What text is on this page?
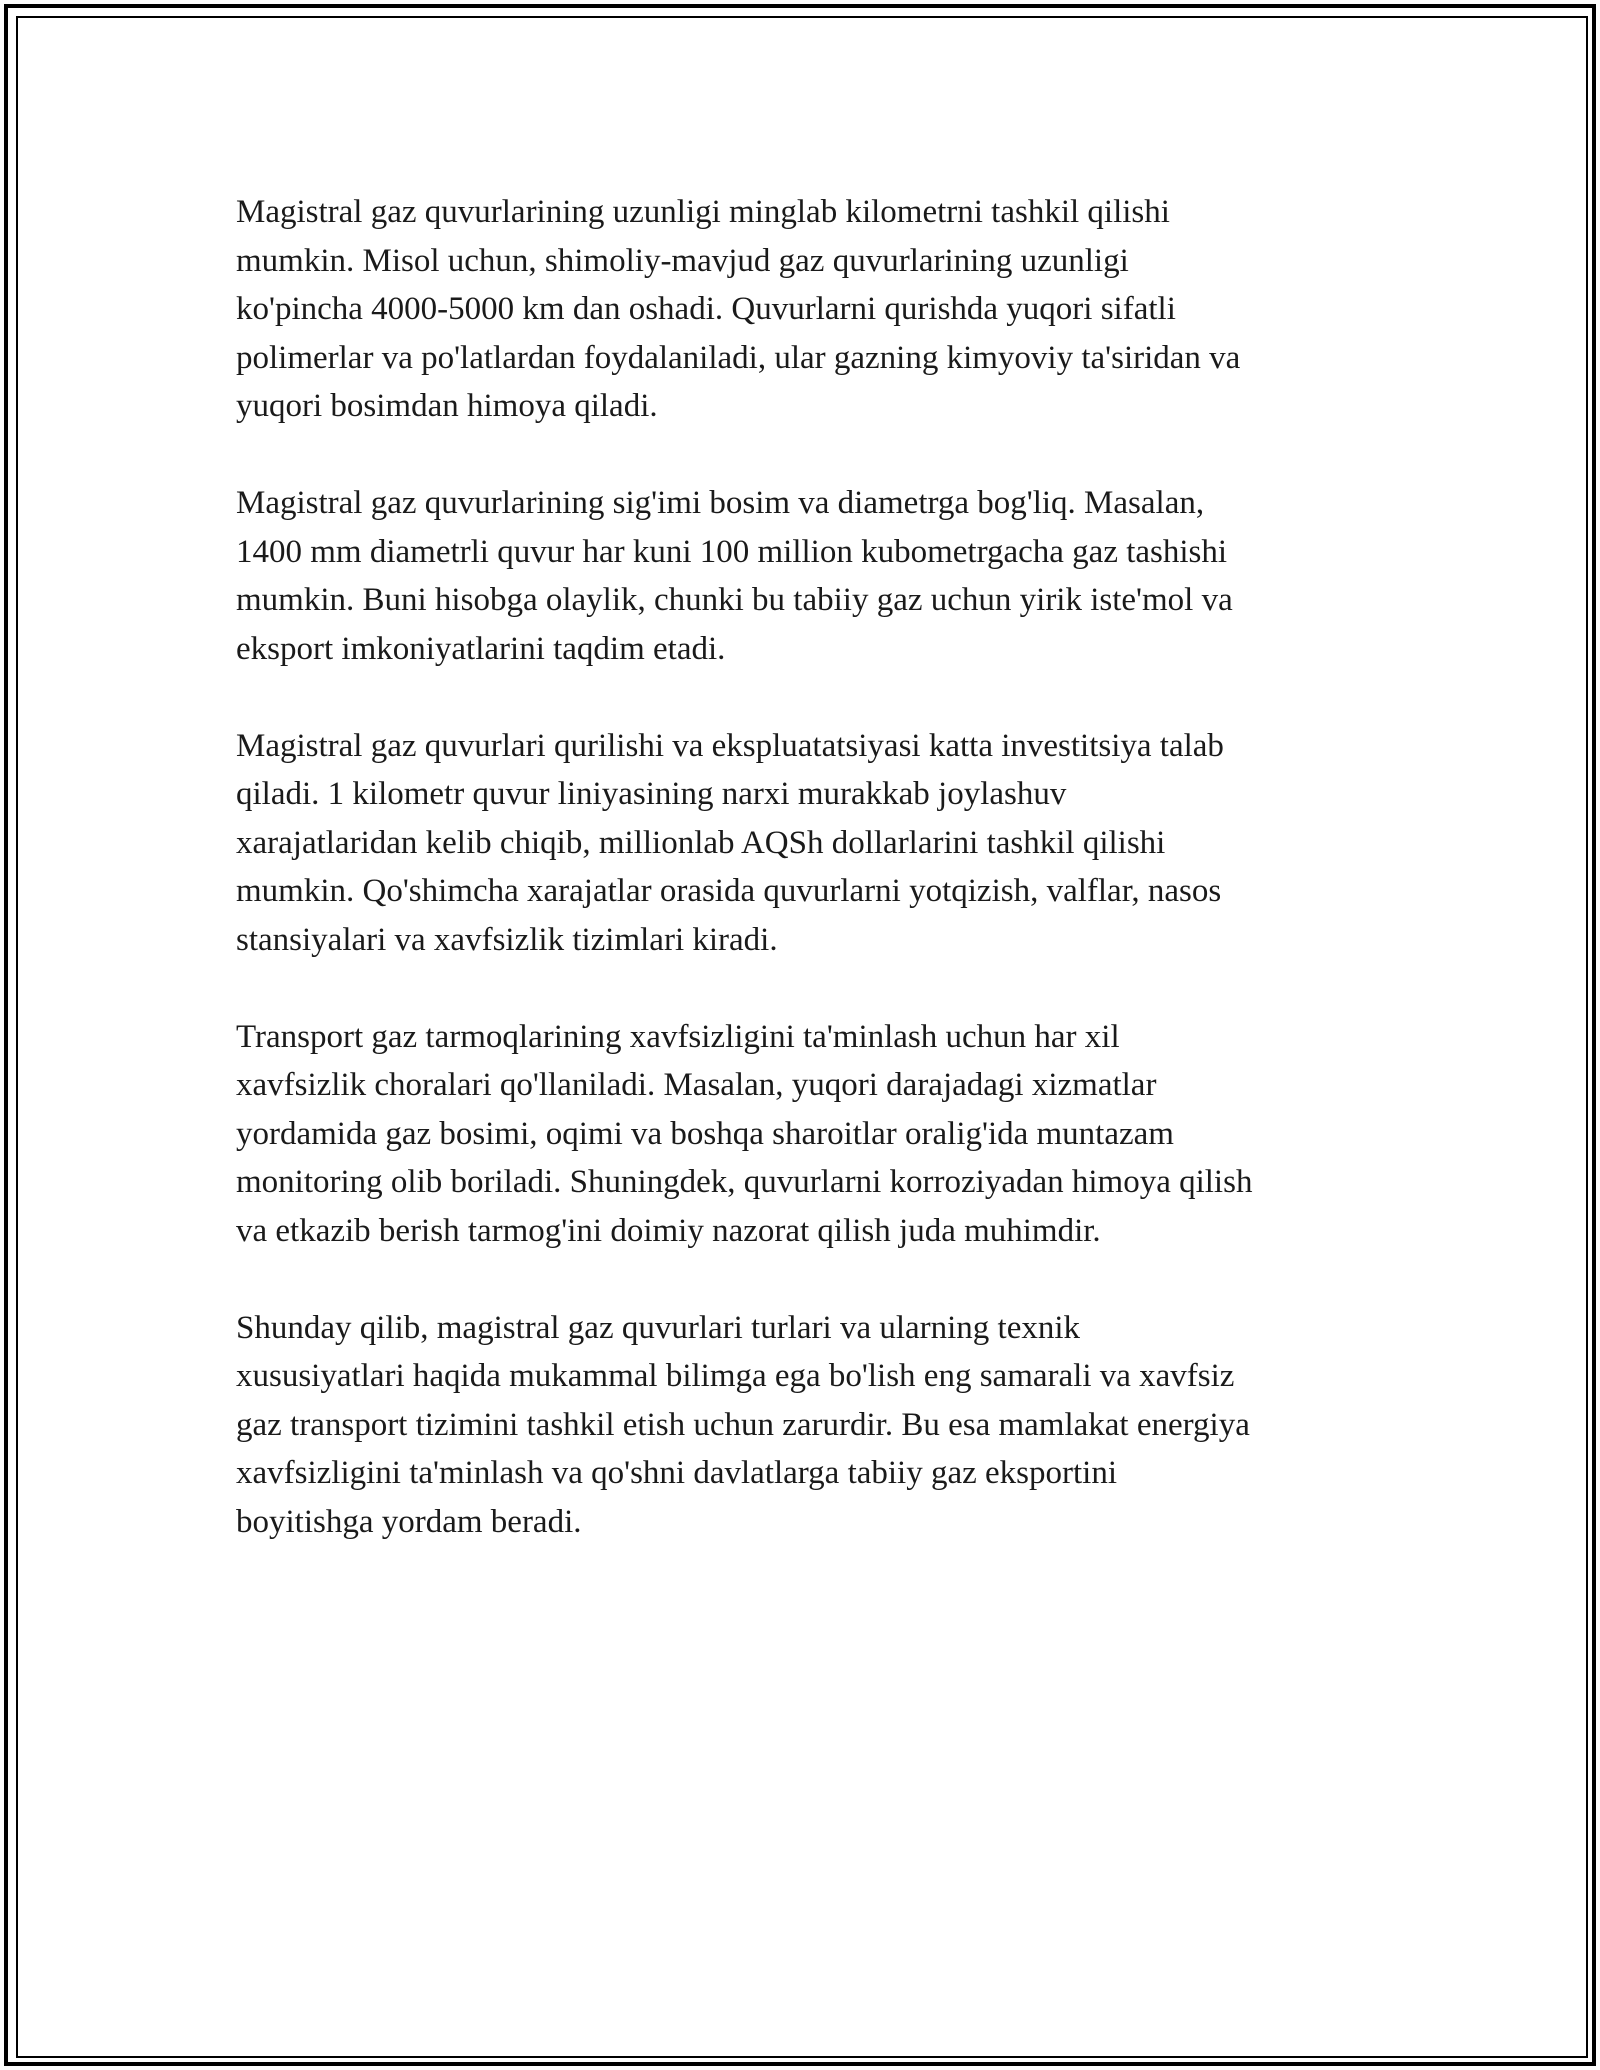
Magistral gaz quvurlarining uzunligi minglab kilometrni tashkil qilishi
mumkin. Misol uchun, shimoliy-mavjud gaz quvurlarining uzunligi
ko'pincha 4000-5000 km dan oshadi. Quvurlarni qurishda yuqori sifatli
polimerlar va po'latlardan foydalaniladi, ular gazning kimyoviy ta'siridan va
yuqori bosimdan himoya qiladi.

Magistral gaz quvurlarining sig'imi bosim va diametrga bog'liq. Masalan,
1400 mm diametrli quvur har kuni 100 million kubometrgacha gaz tashishi
mumkin. Buni hisobga olaylik, chunki bu tabiiy gaz uchun yirik iste'mol va
eksport imkoniyatlarini taqdim etadi.

Magistral gaz quvurlari qurilishi va ekspluatatsiyasi katta investitsiya talab
qiladi. 1 kilometr quvur liniyasining narxi murakkab joylashuv
xarajatlaridan kelib chiqib, millionlab AQSh dollarlarini tashkil qilishi
mumkin. Qo'shimcha xarajatlar orasida quvurlarni yotqizish, valflar, nasos
stansiyalari va xavfsizlik tizimlari kiradi.

Transport gaz tarmoqlarining xavfsizligini ta'minlash uchun har xil
xavfsizlik choralari qo'llaniladi. Masalan, yuqori darajadagi xizmatlar
yordamida gaz bosimi, oqimi va boshqa sharoitlar oralig'ida muntazam
monitoring olib boriladi. Shuningdek, quvurlarni korroziyadan himoya qilish
va etkazib berish tarmog'ini doimiy nazorat qilish juda muhimdir.

Shunday qilib, magistral gaz quvurlari turlari va ularning texnik
xususiyatlari haqida mukammal bilimga ega bo'lish eng samarali va xavfsiz
gaz transport tizimini tashkil etish uchun zarurdir. Bu esa mamlakat energiya
xavfsizligini ta'minlash va qo'shni davlatlarga tabiiy gaz eksportini
boyitishga yordam beradi.
